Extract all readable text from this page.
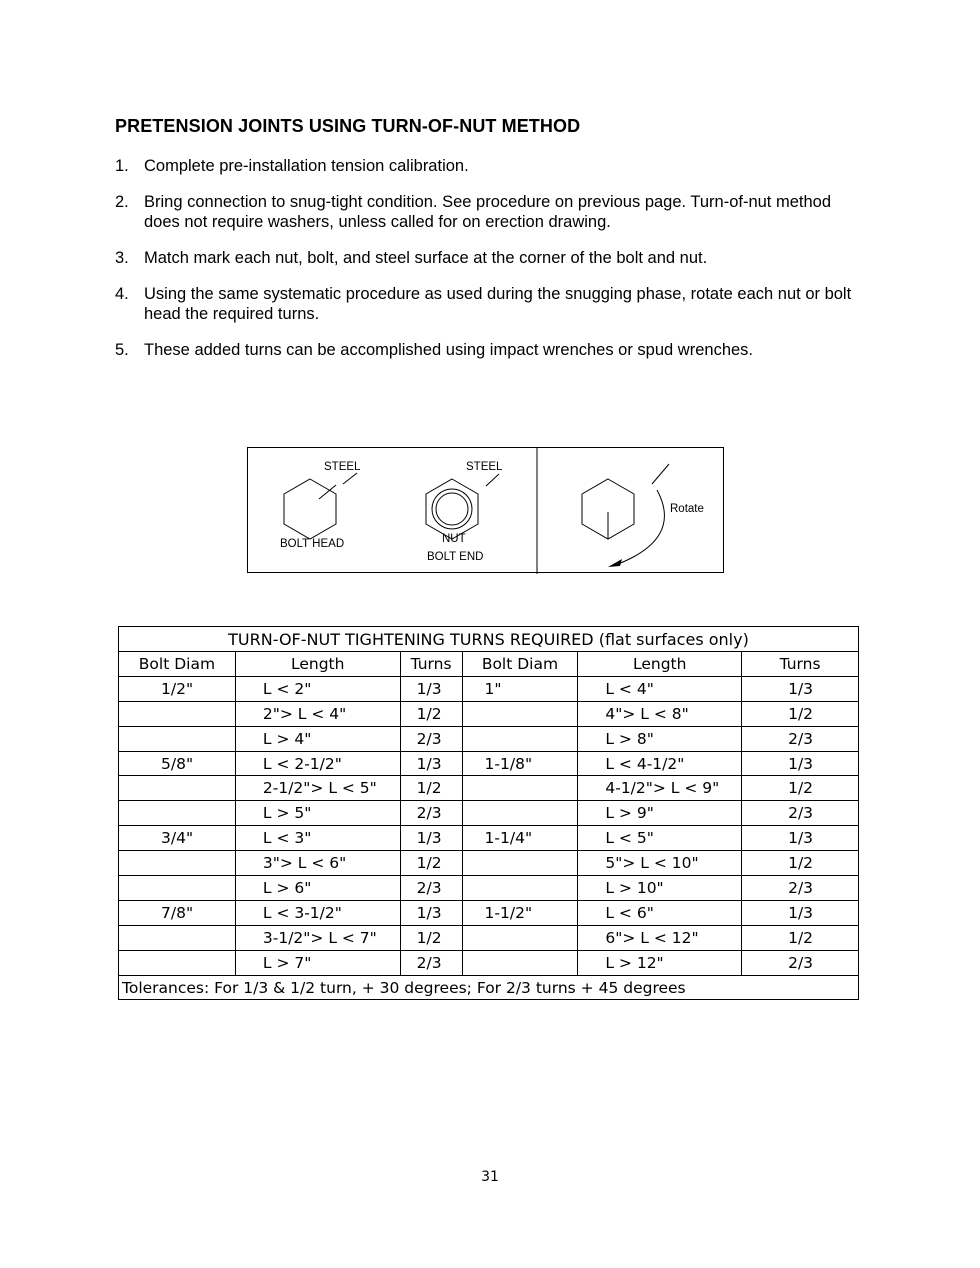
PRETENSION JOINTS USING TURN-OF-NUT METHOD
1. Complete pre-installation tension calibration.
2. Bring connection to snug-tight condition. See procedure on previous page. Turn-of-nut method does not require washers, unless called for on erection drawing.
3. Match mark each nut, bolt, and steel surface at the corner of the bolt and nut.
4. Using the same systematic procedure as used during the snugging phase, rotate each nut or bolt head the required turns.
5. These added turns can be accomplished using impact wrenches or spud wrenches.
STEEL
BOLT HEAD
STEEL
NUT
BOLT END
Rotate
TURN-OF-NUT TIGHTENING TURNS REQUIRED (flat surfaces only)					
Bolt Diam	Length	Turns	Bolt Diam	Length	Turns
1/2"	L < 2"	1/3	1"	L < 4"	1/3
	2"> L < 4"	1/2		4"> L < 8"	1/2
	L > 4"	2/3		L > 8"	2/3
5/8"	L < 2-1/2"	1/3	1-1/8"	L < 4-1/2"	1/3
	2-1/2"> L < 5"	1/2		4-1/2"> L < 9"	1/2
	L > 5"	2/3		L > 9"	2/3
3/4"	L < 3"	1/3	1-1/4"	L < 5"	1/3
	3"> L < 6"	1/2		5"> L < 10"	1/2
	L > 6"	2/3		L > 10"	2/3
7/8"	L < 3-1/2"	1/3	1-1/2"	L < 6"	1/3
	3-1/2"> L < 7"	1/2		6"> L < 12"	1/2
	L > 7"	2/3		L > 12"	2/3
Tolerances: For 1/3 & 1/2 turn, + 30 degrees; For 2/3 turns + 45 degrees					
31
